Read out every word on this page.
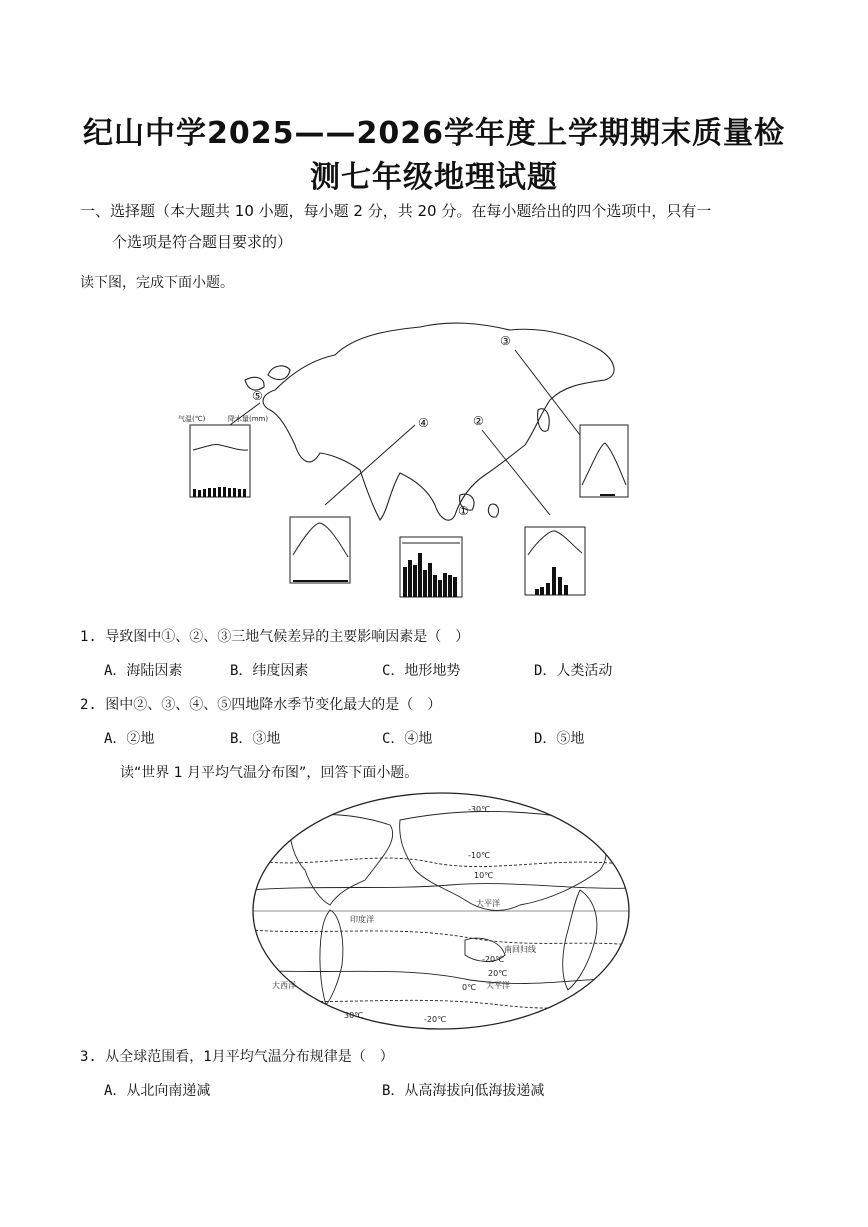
纪山中学2025——2026学年度上学期期末质量检
测七年级地理试题
一、选择题（本大题共 10 小题，每小题 2 分，共 20 分。在每小题给出的四个选项中，只有一
个选项是符合题目要求的）
读下图，完成下面小题。
⑤
④	②
③
①
气温(℃)	降水量(mm)
1. 导致图中①、②、③三地气候差异的主要影响因素是（　）
A．海陆因素	B．纬度因素	C．地形地势	D．人类活动
2. 图中②、③、④、⑤四地降水季节变化最大的是（　）
A．②地	B．③地	C．④地	D．⑤地
读“世界 1 月平均气温分布图”，回答下面小题。
-30℃
-10℃
10℃
-20℃
0℃
20℃
30℃	-20℃
大平洋
印度洋
大平洋
南回归线
大西洋
3. 从全球范围看，1月平均气温分布规律是（　）
A．从北向南递减	B．从高海拔向低海拔递减
